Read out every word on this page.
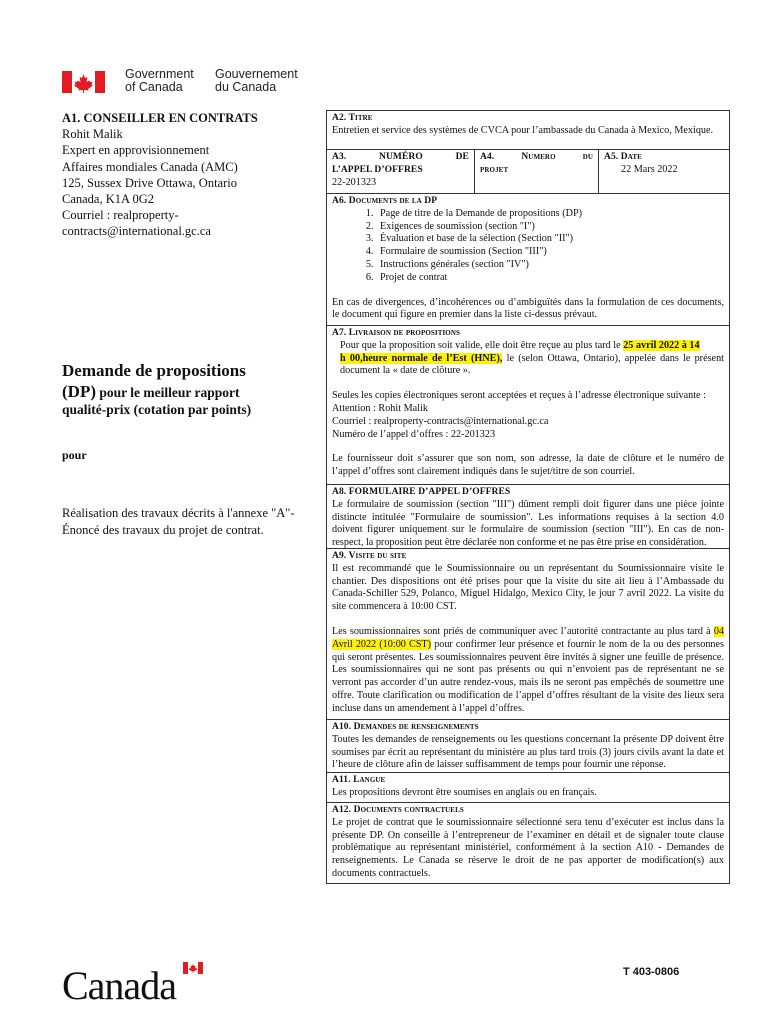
Government
of Canada
Gouvernement
du Canada
A1. CONSEILLER EN CONTRATS
Rohit Malik
Expert en approvisionnement
Affaires mondiales Canada (AMC)
125, Sussex Drive Ottawa, Ontario
Canada, K1A 0G2
Courriel : realproperty-
contracts@international.gc.ca
Demande de propositions
(DP) pour le meilleur rapport
qualité-prix (cotation par points)
pour
Réalisation des travaux décrits à l'annexe "A"- Énoncé des travaux du projet de contrat.
A2. Titre

Entretien et service des systèmes de CVCA pour l’ambassade du Canada à Mexico, Mexique.

A3.	NUMÉRO	DE
L’APPEL D’OFFRES

22-201323

A4.	Numero	du
projet
A5. Date

22 Mars 2022

A6. Documents de la DP
1. Page de titre de la Demande de propositions (DP)
2. Exigences de soumission (section "I")
3. Évaluation et base de la sélection (Section "II")
4. Formulaire de soumission (Section "III")
5. Instructions générales (section "IV")
6. Projet de contrat

En cas de divergences, d’incohérences ou d’ambiguïtés dans la formulation de ces documents, le document qui figure en premier dans la liste ci-dessus prévaut.

A7. Livraison de propositions

Pour que la proposition soit valide, elle doit être reçue au plus tard le 25 avril 2022 à 14
h 00,heure normale de l’Est (HNE), le (selon Ottawa, Ontario), appelée dans le présent document la « date de clôture ».

Seules les copies électroniques seront acceptées et reçues à l’adresse électronique suivante :

Attention : Rohit Malik

Courriel : realproperty-contracts@international.gc.ca

Numéro de l’appel d’offres : 22-201323

Le fournisseur doit s’assurer que son nom, son adresse, la date de clôture et le numéro de l’appel d’offres sont clairement indiqués dans le sujet/titre de son courriel.

A8. FORMULAIRE D’APPEL D’OFFRES

Le formulaire de soumission (section "III") dûment rempli doit figurer dans une pièce jointe distincte intitulée "Formulaire de soumission". Les informations requises à la section 4.0 doivent figurer uniquement sur le formulaire de soumission (section "III"). En cas de non-respect, la proposition peut être déclarée non conforme et ne pas être prise en considération.

A9. Visite du site

Il est recommandé que le Soumissionnaire ou un représentant du Soumissionnaire visite le chantier. Des dispositions ont été prises pour que la visite du site ait lieu à l’Ambassade du Canada-Schiller 529, Polanco, Miguel Hidalgo, Mexico City, le jour 7 avril 2022. La visite du site commencera à 10:00 CST.

Les soumissionnaires sont priés de communiquer avec l’autorité contractante au plus tard à 04 Avril 2022 (10:00 CST) pour confirmer leur présence et fournir le nom de la ou des personnes qui seront présentes. Les soumissionnaires peuvent être invités à signer une feuille de présence. Les soumissionnaires qui ne sont pas présents ou qui n’envoient pas de représentant ne se verront pas accorder d’un autre rendez-vous, mais ils ne seront pas empêchés de soumettre une offre. Toute clarification ou modification de l’appel d’offres résultant de la visite des lieux sera incluse dans un amendement à l’appel d’offres.

A10. Demandes de renseignements

Toutes les demandes de renseignements ou les questions concernant la présente DP doivent être soumises par écrit au représentant du ministère au plus tard trois (3) jours civils avant la date et l’heure de clôture afin de laisser suffisamment de temps pour fournir une réponse.

A11. Langue

Les propositions devront être soumises en anglais ou en français.

A12. Documents contractuels

Le projet de contrat que le soumissionnaire sélectionné sera tenu d’exécuter est inclus dans la présente DP. On conseille à l’entrepreneur de l’examiner en détail et de signaler toute clause problématique au représentant ministériel, conformément à la section A10 - Demandes de renseignements. Le Canada se réserve le droit de ne pas apporter de modification(s) aux documents contractuels.

Canada	T 403-0806
